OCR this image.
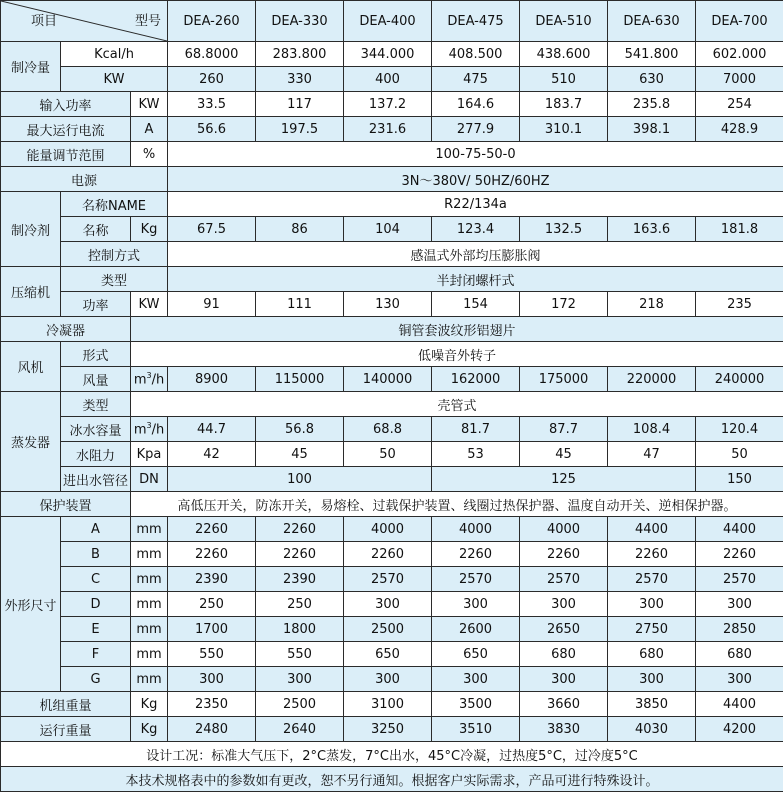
项目 型号			DEA-260	DEA-330	DEA-400	DEA-475	DEA-510	DEA-630	DEA-700
制冷量	Kcal/h		68.8000	283.800	344.000	408.500	438.600	541.800	602.000
	KW		260	330	400	475	510	630	7000
输入功率		KW	33.5	117	137.2	164.6	183.7	235.8	254
最大运行电流		A	56.6	197.5	231.6	277.9	310.1	398.1	428.9
能量调节范围		%	100-75-50-0						
电源			3N～380V/ 50HZ/60HZ						
制冷剂	名称NAME		R22/134a						
	名称	Kg	67.5	86	104	123.4	132.5	163.6	181.8
	控制方式		感温式外部均压膨胀阀						
压缩机	类型		半封闭螺杆式						
	功率	KW	91	111	130	154	172	218	235
冷凝器		铜管套波纹形铝翅片							
风机	形式	低噪音外转子							
	风量	$m^3/h$	8900	115000	140000	162000	175000	220000	240000
蒸发器	类型	壳管式							
	冰水容量	$m^3/h$	44.7	56.8	68.8	81.7	87.7	108.4	120.4
	水阻力	Kpa	42	45	50	53	45	47	50
	进出水管径	DN	100			125			150
保护装置		高低压开关，防冻开关，易熔栓、过载保护装置、线圈过热保护器、温度自动开关、逆相保护器。							
外形尺寸	A	mm	2260	2260	4000	4000	4000	4400	4400
	B	mm	2260	2260	2260	2260	2260	2260	2260
	C	mm	2390	2390	2570	2570	2570	2570	2570
	D	mm	250	250	300	300	300	300	300
	E	mm	1700	1800	2500	2600	2650	2750	2850
	F	mm	550	550	650	650	680	680	680
	G	mm	300	300	300	300	300	300	300
机组重量		Kg	2350	2500	3100	3500	3660	3850	4400
运行重量		Kg	2480	2640	3250	3510	3830	4030	4200
设计工况：标准大气压下，2°C蒸发，7°C出水，45°C冷凝，过热度5°C，过冷度5°C									
本技术规格表中的参数如有更改，恕不另行通知。根据客户实际需求，产品可进行特殊设计。									
